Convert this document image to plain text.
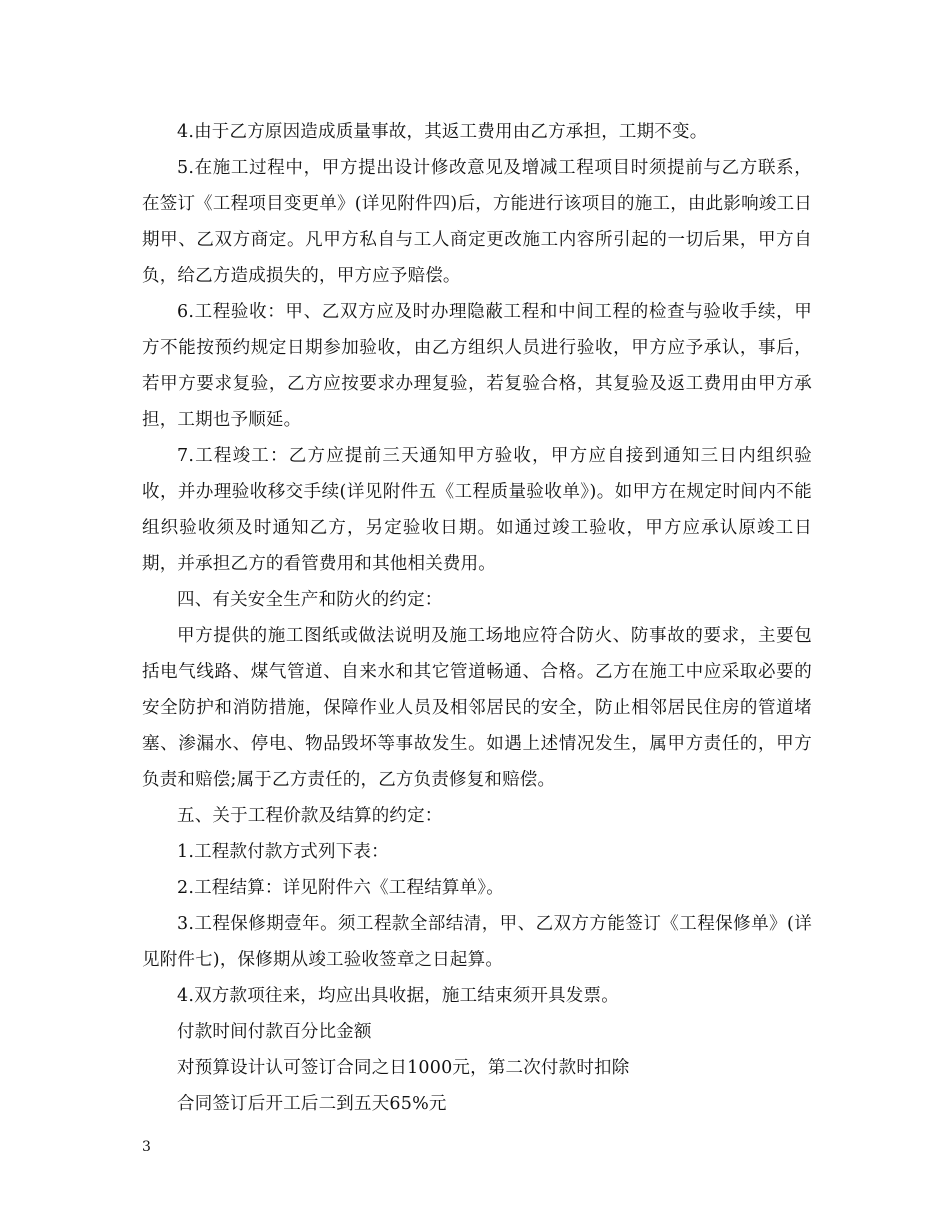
4.由于乙方原因造成质量事故，其返工费用由乙方承担，工期不变。

5.在施工过程中，甲方提出设计修改意见及增减工程项目时须提前与乙方联系，在签订《工程项目变更单》(详见附件四)后，方能进行该项目的施工，由此影响竣工日期甲、乙双方商定。凡甲方私自与工人商定更改施工内容所引起的一切后果，甲方自负，给乙方造成损失的，甲方应予赔偿。

6.工程验收：甲、乙双方应及时办理隐蔽工程和中间工程的检查与验收手续，甲方不能按预约规定日期参加验收，由乙方组织人员进行验收，甲方应予承认，事后，若甲方要求复验，乙方应按要求办理复验，若复验合格，其复验及返工费用由甲方承担，工期也予顺延。

7.工程竣工：乙方应提前三天通知甲方验收，甲方应自接到通知三日内组织验收，并办理验收移交手续(详见附件五《工程质量验收单》)。如甲方在规定时间内不能组织验收须及时通知乙方，另定验收日期。如通过竣工验收，甲方应承认原竣工日期，并承担乙方的看管费用和其他相关费用。

四、有关安全生产和防火的约定：

甲方提供的施工图纸或做法说明及施工场地应符合防火、防事故的要求，主要包括电气线路、煤气管道、自来水和其它管道畅通、合格。乙方在施工中应采取必要的安全防护和消防措施，保障作业人员及相邻居民的安全，防止相邻居民住房的管道堵塞、渗漏水、停电、物品毁坏等事故发生。如遇上述情况发生，属甲方责任的，甲方负责和赔偿;属于乙方责任的，乙方负责修复和赔偿。

五、关于工程价款及结算的约定：

1.工程款付款方式列下表：

2.工程结算：详见附件六《工程结算单》。

3.工程保修期壹年。须工程款全部结清，甲、乙双方方能签订《工程保修单》(详见附件七)，保修期从竣工验收签章之日起算。

4.双方款项往来，均应出具收据，施工结束须开具发票。

付款时间付款百分比金额

对预算设计认可签订合同之日1000元，第二次付款时扣除

合同签订后开工后二到五天65%元

3
